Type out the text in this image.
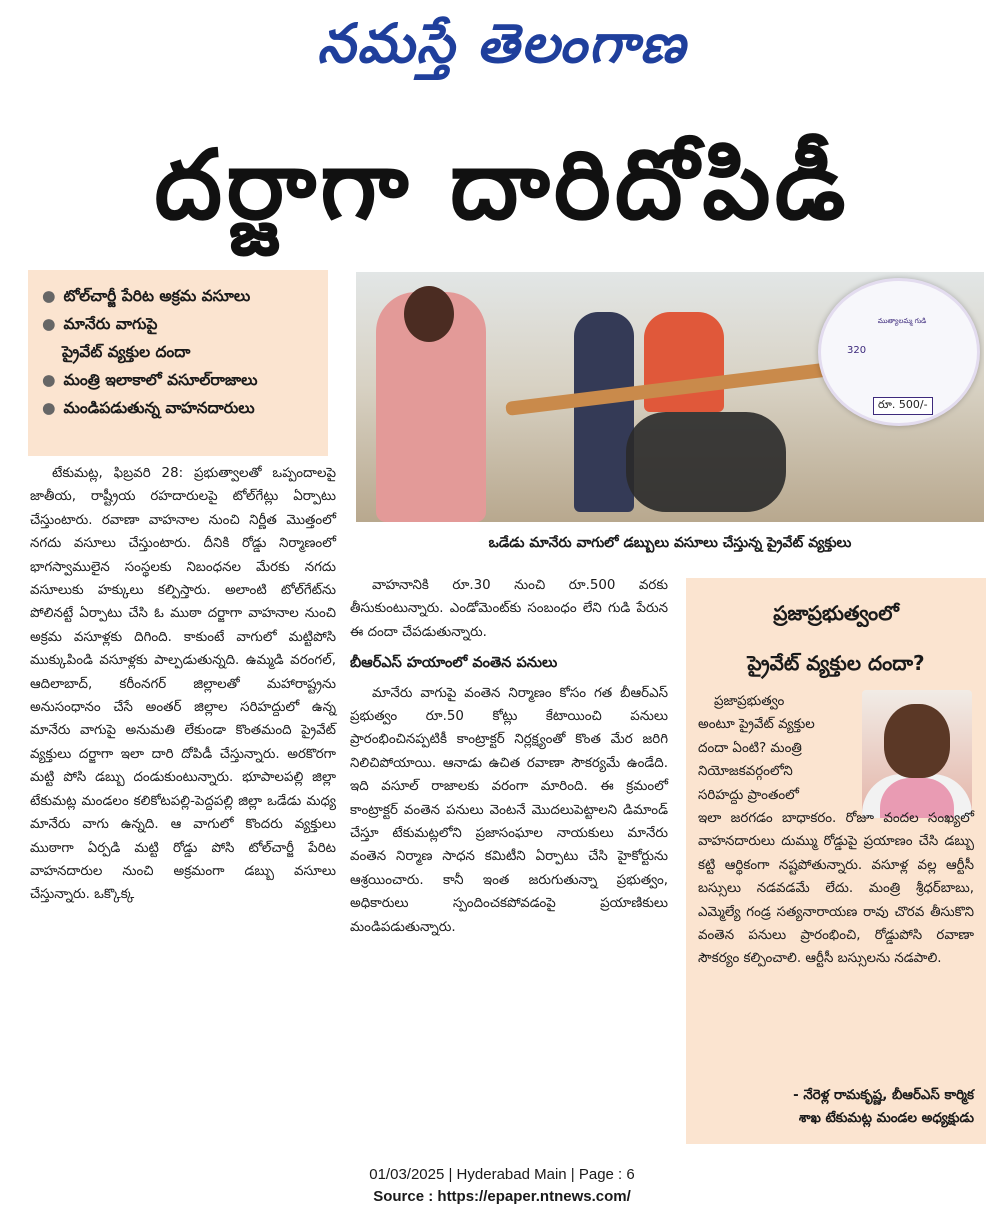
నమస్తే తెలంగాణ
దర్జాగా దారిదోపిడీ
● టోల్‌చార్జీ పేరిట అక్రమ వసూలు
● మానేరు వాగుపై
ప్రైవేట్ వ్యక్తుల దందా
● మంత్రి ఇలాకాలో వసూల్‌రాజాలు
● మండిపడుతున్న వాహనదారులు
ముత్యాలమ్మ గుడి
320
రూ. 500/-
ఒడేడు మానేరు వాగులో డబ్బులు వసూలు చేస్తున్న ప్రైవేట్ వ్యక్తులు

టేకుమట్ల, ఫిబ్రవరి 28: ప్రభుత్వాలతో ఒప్పందాలపై జాతీయ, రాష్ట్రీయ రహదారులపై టోల్‌గేట్లు ఏర్పాటు చేస్తుంటారు. రవాణా వాహనాల నుంచి నిర్ణీత మొత్తంలో నగదు వసూలు చేస్తుంటారు. దీనికి రోడ్డు నిర్మాణంలో భాగస్వాములైన సంస్థలకు నిబంధనల మేరకు నగదు వసూలుకు హక్కులు కల్పిస్తారు. అలాంటి టోల్‌గేట్‌ను పోలినట్టే ఏర్పాటు చేసి ఓ ముఠా దర్జాగా వాహనాల నుంచి అక్రమ వసూళ్లకు దిగింది. కాకుంటే వాగులో మట్టిపోసి ముక్కుపిండి వసూళ్లకు పాల్పడుతున్నది. ఉమ్మడి వరంగల్, ఆదిలాబాద్, కరీంనగర్ జిల్లాలతో మహారాష్ట్రను అనుసంధానం చేసే అంతర్ జిల్లాల సరిహద్దులో ఉన్న మానేరు వాగుపై అనుమతి లేకుండా కొంతమంది ప్రైవేట్ వ్యక్తులు దర్జాగా ఇలా దారి దోపిడీ చేస్తున్నారు. అరకొరగా మట్టి పోసి డబ్బు దండుకుంటున్నారు. భూపాలపల్లి జిల్లా టేకుమట్ల మండలం కలికోటపల్లి-పెద్దపల్లి జిల్లా ఒడేడు మధ్య మానేరు వాగు ఉన్నది. ఆ వాగులో కొందరు వ్యక్తులు ముఠాగా ఏర్పడి మట్టి రోడ్డు పోసి టోల్‌చార్జీ పేరిట వాహనదారుల నుంచి అక్రమంగా డబ్బు వసూలు చేస్తున్నారు. ఒక్కొక్క

వాహనానికి రూ.30 నుంచి రూ.500 వరకు తీసుకుంటున్నారు. ఎండోమెంట్‌కు సంబంధం లేని గుడి పేరున ఈ దందా చేపడుతున్నారు.

బీఆర్‌ఎస్ హయాంలో వంతెన పనులు

మానేరు వాగుపై వంతెన నిర్మాణం కోసం గత బీఆర్‌ఎస్ ప్రభుత్వం రూ.50 కోట్లు కేటాయించి పనులు ప్రారంభించినప్పటికీ కాంట్రాక్టర్ నిర్లక్ష్యంతో కొంత మేర జరిగి నిలిచిపోయాయి. ఆనాడు ఉచిత రవాణా సౌకర్యమే ఉండేది. ఇది వసూల్ రాజాలకు వరంగా మారింది. ఈ క్రమంలో కాంట్రాక్టర్ వంతెన పనులు వెంటనే మొదలుపెట్టాలని డిమాండ్ చేస్తూ టేకుమట్లలోని ప్రజాసంఘాల నాయకులు మానేరు వంతెన నిర్మాణ సాధన కమిటీని ఏర్పాటు చేసి హైకోర్టును ఆశ్రయించారు. కానీ ఇంత జరుగుతున్నా ప్రభుత్వం, అధికారులు స్పందించకపోవడంపై ప్రయాణికులు మండిపడుతున్నారు.

ప్రజాప్రభుత్వంలో
ప్రైవేట్ వ్యక్తుల దందా?
ప్రజాప్రభుత్వం
అంటూ ప్రైవేట్ వ్యక్తుల
దందా ఏంటి? మంత్రి
నియోజకవర్గంలోని
సరిహద్దు ప్రాంతంలో
ఇలా జరగడం బాధాకరం. రోజూ వందల సంఖ్యలో వాహనదారులు దుమ్ము రోడ్డుపై ప్రయాణం చేసి డబ్బు కట్టి ఆర్థికంగా నష్టపోతున్నారు. వసూళ్ల వల్ల ఆర్టీసీ బస్సులు నడవడమే లేదు. మంత్రి శ్రీధర్‌బాబు, ఎమ్మెల్యే గండ్ర సత్యనారాయణ రావు చొరవ తీసుకొని వంతెన పనులు ప్రారంభించి, రోడ్డుపోసి రవాణా సౌకర్యం కల్పించాలి. ఆర్టీసీ బస్సులను నడపాలి.
- నేరెళ్ల రామకృష్ణ, బీఆర్‌ఎస్ కార్మిక
శాఖ టేకుమట్ల మండల అధ్యక్షుడు
01/03/2025 | Hyderabad Main | Page : 6
Source : https://epaper.ntnews.com/
